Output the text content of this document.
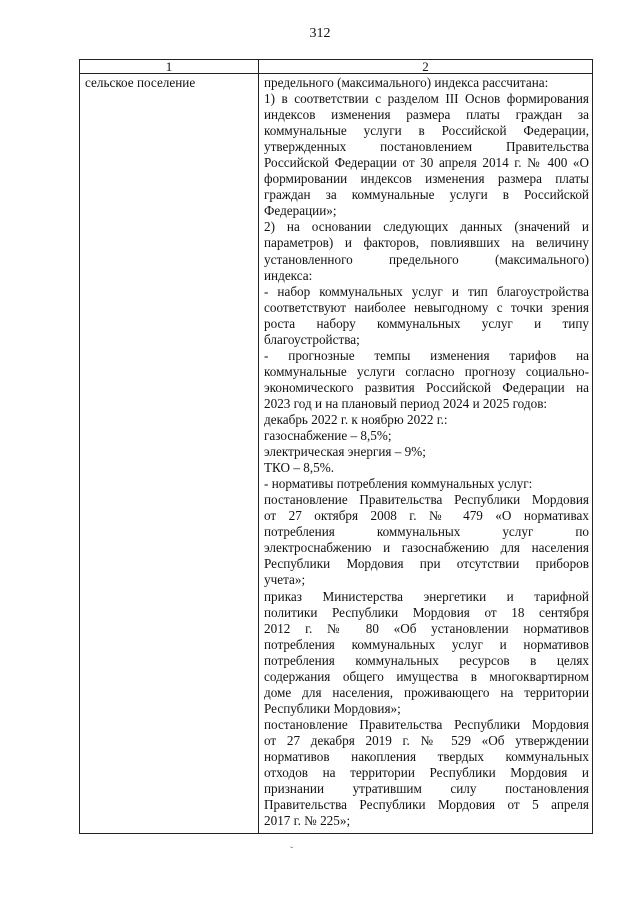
312
1	2
сельское поселение	предельного (максимального) индекса рассчитана:
1) в соответствии с разделом III Основ формирования
индексов изменения размера платы граждан за
коммунальные услуги в Российской Федерации,
утвержденных постановлением Правительства
Российской Федерации от 30 апреля 2014 г. № 400 «О
формировании индексов изменения размера платы
граждан за коммунальные услуги в Российской
Федерации»;
2) на основании следующих данных (значений и
параметров) и факторов, повлиявших на величину
установленного предельного (максимального)
индекса:
- набор коммунальных услуг и тип благоустройства
соответствуют наиболее невыгодному с точки зрения
роста набору коммунальных услуг и типу
благоустройства;
- прогнозные темпы изменения тарифов на
коммунальные услуги согласно прогнозу социально-
экономического развития Российской Федерации на
2023 год и на плановый период 2024 и 2025 годов:
декабрь 2022 г. к ноябрю 2022 г.:
газоснабжение – 8,5%;
электрическая энергия – 9%;
ТКО – 8,5%.
- нормативы потребления коммунальных услуг:
постановление Правительства Республики Мордовия
от 27 октября 2008 г. № 479 «О нормативах
потребления коммунальных услуг по
электроснабжению и газоснабжению для населения
Республики Мордовия при отсутствии приборов
учета»;
приказ Министерства энергетики и тарифной
политики Республики Мордовия от 18 сентября
2012 г. № 80 «Об установлении нормативов
потребления коммунальных услуг и нормативов
потребления коммунальных ресурсов в целях
содержания общего имущества в многоквартирном
доме для населения, проживающего на территории
Республики Мордовия»;
постановление Правительства Республики Мордовия
от 27 декабря 2019 г. № 529 «Об утверждении
нормативов накопления твердых коммунальных
отходов на территории Республики Мордовия и
признании утратившим силу постановления
Правительства Республики Мордовия от 5 апреля
2017 г. № 225»;
ˇ
